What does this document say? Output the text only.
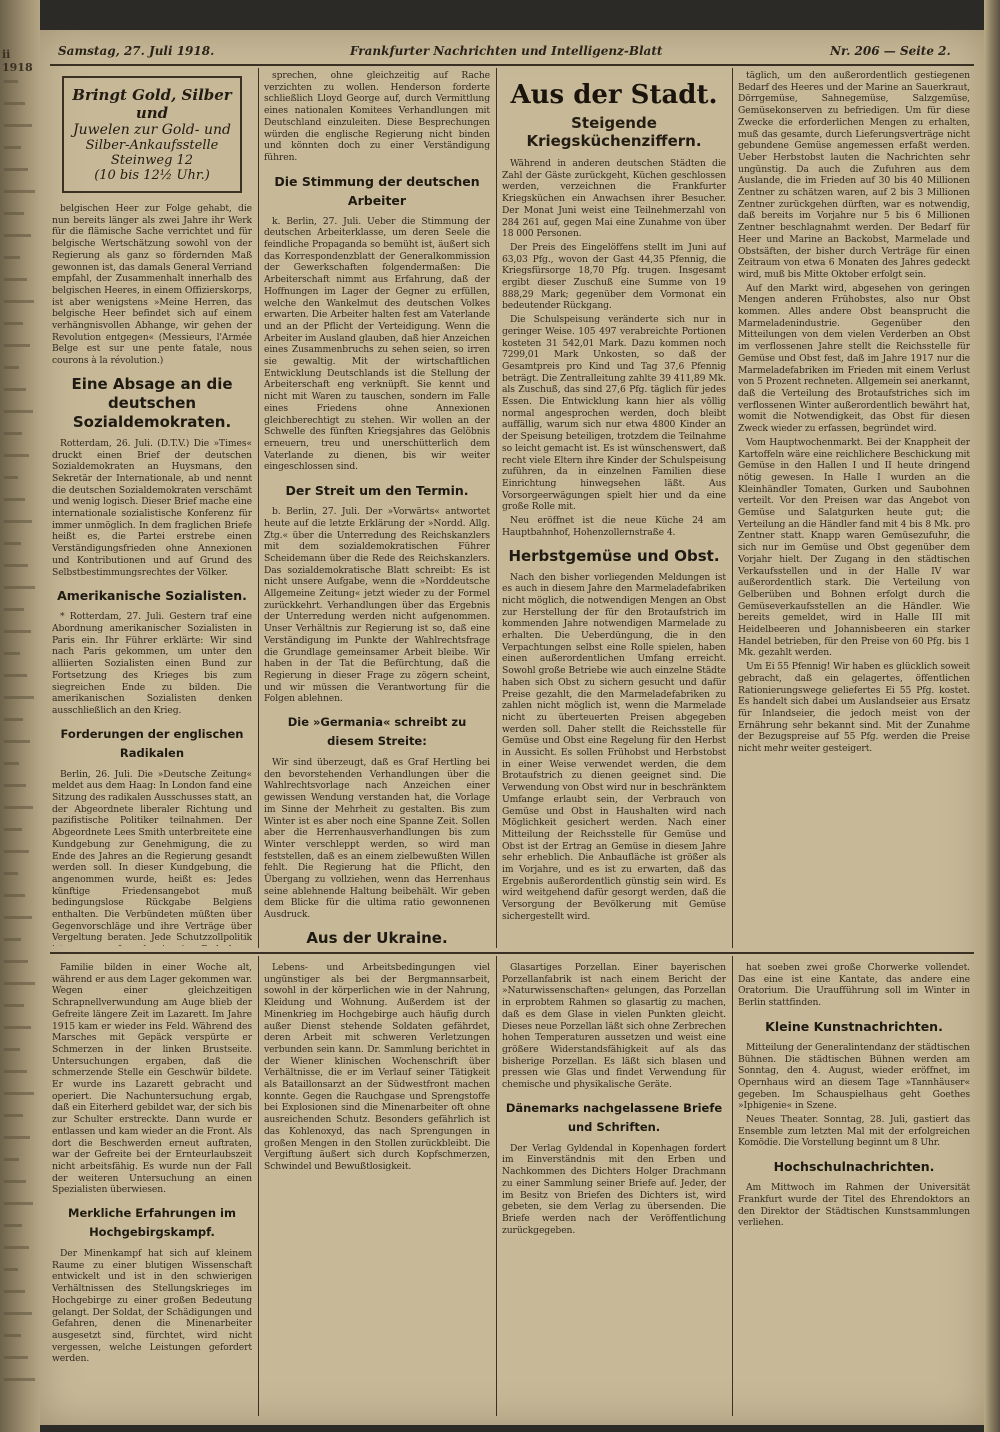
ii 1918
Samstag, 27. Juli 1918.	Frankfurter Nachrichten und Intelligenz-Blatt	Nr. 206 — Seite 2.
Bringt Gold, Silber und
Juwelen zur Gold- und
Silber-Ankaufsstelle Steinweg 12
(10 bis 12½ Uhr.)

belgischen Heer zur Folge gehabt, die nun bereits länger als zwei Jahre ihr Werk für die flämische Sache verrichtet und für belgische Wertschätzung sowohl von der Regierung als ganz so fördernden Maß gewonnen ist, das damals General Verriand empfahl, der Zusammenhalt innerhalb des belgischen Heeres, in einem Offizierskorps, ist aber wenigstens »Meine Herren, das belgische Heer befindet sich auf einem verhängnisvollen Abhange, wir gehen der Revolution entgegen« (Messieurs, l'Armée Belge est sur une pente fatale, nous courons à la révolution.)

Eine Absage an die deutschen Sozialdemokraten.

Rotterdam, 26. Juli. (D.T.V.) Die »Times« druckt einen Brief der deutschen Sozialdemokraten an Huysmans, den Sekretär der Internationale, ab und nennt die deutschen Sozialdemokraten verschämt und wenig logisch. Dieser Brief mache eine internationale sozialistische Konferenz für immer unmöglich. In dem fraglichen Briefe heißt es, die Partei erstrebe einen Verständigungsfrieden ohne Annexionen und Kontributionen und auf Grund des Selbstbestimmungsrechtes der Völker.

Amerikanische Sozialisten.

* Rotterdam, 27. Juli. Gestern traf eine Abordnung amerikanischer Sozialisten in Paris ein. Ihr Führer erklärte: Wir sind nach Paris gekommen, um unter den alliierten Sozialisten einen Bund zur Fortsetzung des Krieges bis zum siegreichen Ende zu bilden. Die amerikanischen Sozialisten denken ausschließlich an den Krieg.

Forderungen der englischen Radikalen

Berlin, 26. Juli. Die »Deutsche Zeitung« meldet aus dem Haag: In London fand eine Sitzung des radikalen Ausschusses statt, an der Abgeordnete liberaler Richtung und pazifistische Politiker teilnahmen. Der Abgeordnete Lees Smith unterbreitete eine Kundgebung zur Genehmigung, die zu Ende des Jahres an die Regierung gesandt werden soll. In dieser Kundgebung, die angenommen wurde, heißt es: Jedes künftige Friedensangebot muß bedingungslose Rückgabe Belgiens enthalten. Die Verbündeten müßten über Gegenvorschläge und ihre Verträge über Vergeltung beraten. Jede Schutzzollpolitik

sprechen, ohne gleichzeitig auf Rache verzichten zu wollen. Henderson forderte schließlich Lloyd George auf, durch Vermittlung eines nationalen Komitees Verhandlungen mit Deutschland einzuleiten. Diese Besprechungen würden die englische Regierung nicht binden und könnten doch zu einer Verständigung führen.

Die Stimmung der deutschen Arbeiter

k. Berlin, 27. Juli. Ueber die Stimmung der deutschen Arbeiterklasse, um deren Seele die feindliche Propaganda so bemüht ist, äußert sich das Korrespondenzblatt der Generalkommission der Gewerkschaften folgendermaßen: Die Arbeiterschaft nimmt aus Erfahrung, daß der Hoffnungen im Lager der Gegner zu erfüllen, welche den Wankelmut des deutschen Volkes erwarten. Die Arbeiter halten fest am Vaterlande und an der Pflicht der Verteidigung. Wenn die Arbeiter im Ausland glauben, daß hier Anzeichen eines Zusammenbruchs zu sehen seien, so irren sie gewaltig. Mit der wirtschaftlichen Entwicklung Deutschlands ist die Stellung der Arbeiterschaft eng verknüpft. Sie kennt und nicht mit Waren zu tauschen, sondern im Falle eines Friedens ohne Annexionen gleichberechtigt zu stehen. Wir wollen an der Schwelle des fünften Kriegsjahres das Gelöbnis erneuern, treu und unerschütterlich dem Vaterlande zu dienen, bis wir weiter eingeschlossen sind.

Der Streit um den Termin.

b. Berlin, 27. Juli. Der »Vorwärts« antwortet heute auf die letzte Erklärung der »Nordd. Allg. Ztg.« über die Unterredung des Reichskanzlers mit dem sozialdemokratischen Führer Scheidemann über die Rede des Reichskanzlers. Das sozialdemokratische Blatt schreibt: Es ist nicht unsere Aufgabe, wenn die »Norddeutsche Allgemeine Zeitung« jetzt wieder zu der Formel zurückkehrt. Verhandlungen über das Ergebnis der Unterredung werden nicht aufgenommen. Unser Verhältnis zur Regierung ist so, daß eine Verständigung im Punkte der Wahlrechtsfrage die Grundlage gemeinsamer Arbeit bleibe. Wir haben in der Tat die Befürchtung, daß die Regierung in dieser Frage zu zögern scheint, und wir müssen die Verantwortung für die Folgen ablehnen.

Die »Germania« schreibt zu diesem Streite:

Wir sind überzeugt, daß es Graf Hertling bei den bevorstehenden Verhandlungen über die Wahlrechtsvorlage nach Anzeichen einer gewissen Wendung verstanden hat, die Vorlage im Sinne der Mehrheit zu gestalten. Bis zum Winter ist es aber noch eine Spanne Zeit. Sollen aber die Herrenhausverhandlungen bis zum Winter verschleppt werden, so wird man feststellen, daß es an einem zielbewußten Willen fehlt. Die Regierung hat die Pflicht, den Übergang zu vollziehen, wenn das Herrenhaus seine ablehnende Haltung beibehält. Wir geben dem Blicke für die ultima ratio gewonnenen Ausdruck.

Aus der Ukraine.

Aus der Stadt.
Steigende Kriegsküchenziffern.

Während in anderen deutschen Städten die Zahl der Gäste zurückgeht, Küchen geschlossen werden, verzeichnen die Frankfurter Kriegsküchen ein Anwachsen ihrer Besucher. Der Monat Juni weist eine Teilnehmerzahl von 284 261 auf, gegen Mai eine Zunahme von über 18 000 Personen.

Der Preis des Eingelöffens stellt im Juni auf 63,03 Pfg., wovon der Gast 44,35 Pfennig, die Kriegsfürsorge 18,70 Pfg. trugen. Insgesamt ergibt dieser Zuschuß eine Summe von 19 888,29 Mark; gegenüber dem Vormonat ein bedeutender Rückgang.

Die Schulspeisung veränderte sich nur in geringer Weise. 105 497 verabreichte Portionen kosteten 31 542,01 Mark. Dazu kommen noch 7299,01 Mark Unkosten, so daß der Gesamtpreis pro Kind und Tag 37,6 Pfennig beträgt. Die Zentralleitung zahlte 39 411,89 Mk. als Zuschuß, das sind 27,6 Pfg. täglich für jedes Essen. Die Entwicklung kann hier als völlig normal angesprochen werden, doch bleibt auffällig, warum sich nur etwa 4800 Kinder an der Speisung beteiligen, trotzdem die Teilnahme so leicht gemacht ist. Es ist wünschenswert, daß recht viele Eltern ihre Kinder der Schulspeisung zuführen, da in einzelnen Familien diese Einrichtung hinwegsehen läßt. Aus Vorsorgeerwägungen spielt hier und da eine große Rolle mit.

Neu eröffnet ist die neue Küche 24 am Hauptbahnhof, Hohenzollernstraße 4.

Herbstgemüse und Obst.

Nach den bisher vorliegenden Meldungen ist es auch in diesem Jahre den Marmeladefabriken nicht möglich, die notwendigen Mengen an Obst zur Herstellung der für den Brotaufstrich im kommenden Jahre notwendigen Marmelade zu erhalten. Die Ueberdüngung, die in den Verpachtungen selbst eine Rolle spielen, haben einen außerordentlichen Umfang erreicht. Sowohl große Betriebe wie auch einzelne Städte haben sich Obst zu sichern gesucht und dafür Preise gezahlt, die den Marmeladefabriken zu zahlen nicht möglich ist, wenn die Marmelade nicht zu überteuerten Preisen abgegeben werden soll. Daher stellt die Reichsstelle für Gemüse und Obst eine Regelung für den Herbst in Aussicht. Es sollen Frühobst und Herbstobst in einer Weise verwendet werden, die dem Brotaufstrich zu dienen geeignet sind. Die Verwendung von Obst wird nur in beschränktem Umfange erlaubt sein, der Verbrauch von Gemüse und Obst in Haushalten wird nach Möglichkeit gesichert werden. Nach einer Mitteilung der Reichsstelle für Gemüse und Obst ist der Ertrag an Gemüse in diesem Jahre sehr erheblich. Die Anbaufläche ist größer als im Vorjahre, und es ist zu erwarten, daß das Ergebnis außerordentlich günstig sein wird. Es wird weitgehend dafür gesorgt werden, daß die Versorgung der Bevölkerung mit Gemüse sichergestellt wird.

täglich, um den außerordentlich gestiegenen Bedarf des Heeres und der Marine an Sauerkraut, Dörrgemüse, Sahnegemüse, Salzgemüse, Gemüsekonserven zu befriedigen. Um für diese Zwecke die erforderlichen Mengen zu erhalten, muß das gesamte, durch Lieferungsverträge nicht gebundene Gemüse angemessen erfaßt werden. Ueber Herbstobst lauten die Nachrichten sehr ungünstig. Da auch die Zufuhren aus dem Auslande, die im Frieden auf 30 bis 40 Millionen Zentner zu schätzen waren, auf 2 bis 3 Millionen Zentner zurückgehen dürften, war es notwendig, daß bereits im Vorjahre nur 5 bis 6 Millionen Zentner beschlagnahmt werden. Der Bedarf für Heer und Marine an Backobst, Marmelade und Obstsäften, der bisher durch Verträge für einen Zeitraum von etwa 6 Monaten des Jahres gedeckt wird, muß bis Mitte Oktober erfolgt sein.

Auf den Markt wird, abgesehen von geringen Mengen anderen Frühobstes, also nur Obst kommen. Alles andere Obst beansprucht die Marmeladenindustrie. Gegenüber den Mitteilungen von dem vielen Verderben an Obst im verflossenen Jahre stellt die Reichsstelle für Gemüse und Obst fest, daß im Jahre 1917 nur die Marmeladefabriken im Frieden mit einem Verlust von 5 Prozent rechneten. Allgemein sei anerkannt, daß die Verteilung des Brotaufstriches sich im verflossenen Winter außerordentlich bewährt hat, womit die Notwendigkeit, das Obst für diesen Zweck wieder zu erfassen, begründet wird.

Vom Hauptwochenmarkt. Bei der Knappheit der Kartoffeln wäre eine reichlichere Beschickung mit Gemüse in den Hallen I und II heute dringend nötig gewesen. In Halle I wurden an die Kleinhändler Tomaten, Gurken und Saubohnen verteilt. Vor den Preisen war das Angebot von Gemüse und Salatgurken heute gut; die Verteilung an die Händler fand mit 4 bis 8 Mk. pro Zentner statt. Knapp waren Gemüsezufuhr, die sich nur im Gemüse und Obst gegenüber dem Vorjahr hielt. Der Zugang in den städtischen Verkaufsstellen und in der Halle IV war außerordentlich stark. Die Verteilung von Gelberüben und Bohnen erfolgt durch die Gemüseverkaufsstellen an die Händler. Wie bereits gemeldet, wird in Halle III mit Heidelbeeren und Johannisbeeren ein starker Handel betrieben, für den Preise von 60 Pfg. bis 1 Mk. gezahlt werden.

Um Ei 55 Pfennig! Wir haben es glücklich soweit gebracht, daß ein gelagertes, öffentlichen Rationierungswege geliefertes Ei 55 Pfg. kostet. Es handelt sich dabei um Auslandseier aus Ersatz für Inlandseier, die jedoch meist von der Ernährung sehr bekannt sind. Mit der Zunahme der Bezugspreise auf 55 Pfg. werden die Preise nicht mehr weiter gesteigert.

Familie bilden in einer Woche alt, während er aus dem Lager gekommen war. Wegen einer gleichzeitigen Schrapnellverwundung am Auge blieb der Gefreite längere Zeit im Lazarett. Im Jahre 1915 kam er wieder ins Feld. Während des Marsches mit Gepäck verspürte er Schmerzen in der linken Brustseite. Untersuchungen ergaben, daß die schmerzende Stelle ein Geschwür bildete. Er wurde ins Lazarett gebracht und operiert. Die Nachuntersuchung ergab, daß ein Eiterherd gebildet war, der sich bis zur Schulter erstreckte. Dann wurde er entlassen und kam wieder an die Front. Als dort die Beschwerden erneut auftraten, war der Gefreite bei der Ernteurlaubszeit nicht arbeitsfähig. Es wurde nun der Fall der weiteren Untersuchung an einen Spezialisten überwiesen.

Merkliche Erfahrungen im Hochgebirgskampf.

Der Minenkampf hat sich auf kleinem Raume zu einer blutigen Wissenschaft entwickelt und ist in den schwierigen Verhältnissen des Stellungskrieges im Hochgebirge zu einer großen Bedeutung gelangt. Der Soldat, der Schädigungen und Gefahren, denen die Minenarbeiter ausgesetzt sind, fürchtet, wird nicht vergessen, welche Leistungen gefordert werden.

Lebens- und Arbeitsbedingungen viel ungünstiger als bei der Bergmannsarbeit, sowohl in der körperlichen wie in der Nahrung, Kleidung und Wohnung. Außerdem ist der Minenkrieg im Hochgebirge auch häufig durch außer Dienst stehende Soldaten gefährdet, deren Arbeit mit schweren Verletzungen verbunden sein kann. Dr. Sammlung berichtet in der Wiener klinischen Wochenschrift über Verhältnisse, die er im Verlauf seiner Tätigkeit als Bataillonsarzt an der Südwestfront machen konnte. Gegen die Rauchgase und Sprengstoffe bei Explosionen sind die Minenarbeiter oft ohne ausreichenden Schutz. Besonders gefährlich ist das Kohlenoxyd, das nach Sprengungen in großen Mengen in den Stollen zurückbleibt. Die Vergiftung äußert sich durch Kopfschmerzen, Schwindel und Bewußtlosigkeit.

Glasartiges Porzellan. Einer bayerischen Porzellanfabrik ist nach einem Bericht der »Naturwissenschaften« gelungen, das Porzellan in erprobtem Rahmen so glasartig zu machen, daß es dem Glase in vielen Punkten gleicht. Dieses neue Porzellan läßt sich ohne Zerbrechen hohen Temperaturen aussetzen und weist eine größere Widerstandsfähigkeit auf als das bisherige Porzellan. Es läßt sich blasen und pressen wie Glas und findet Verwendung für chemische und physikalische Geräte.

Dänemarks nachgelassene Briefe und Schriften.

Der Verlag Gyldendal in Kopenhagen fordert im Einverständnis mit den Erben und Nachkommen des Dichters Holger Drachmann zu einer Sammlung seiner Briefe auf. Jeder, der im Besitz von Briefen des Dichters ist, wird gebeten, sie dem Verlag zu übersenden. Die Briefe werden nach der Veröffentlichung zurückgegeben.

hat soeben zwei große Chorwerke vollendet. Das eine ist eine Kantate, das andere eine Oratorium. Die Uraufführung soll im Winter in Berlin stattfinden.

Kleine Kunstnachrichten.

Mitteilung der Generalintendanz der städtischen Bühnen. Die städtischen Bühnen werden am Sonntag, den 4. August, wieder eröffnet, im Opernhaus wird an diesem Tage »Tannhäuser« gegeben. Im Schauspielhaus geht Goethes »Iphigenie« in Szene.

Neues Theater. Sonntag, 28. Juli, gastiert das Ensemble zum letzten Mal mit der erfolgreichen Komödie. Die Vorstellung beginnt um 8 Uhr.

Hochschulnachrichten.

Am Mittwoch im Rahmen der Universität Frankfurt wurde der Titel des Ehrendoktors an den Direktor der Städtischen Kunstsammlungen verliehen.
